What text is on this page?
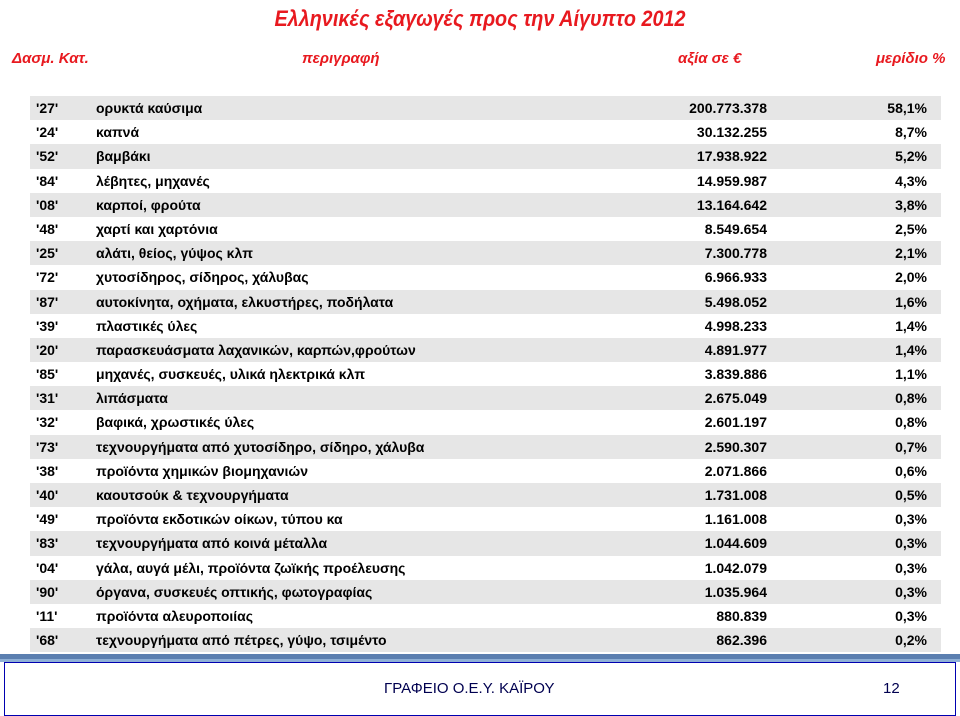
Ελληνικές εξαγωγές προς την Αίγυπτο 2012
Δασμ. Κατ.	περιγραφή	αξία σε €	μερίδιο %
'27'	ορυκτά καύσιμα	200.773.378	58,1%
'24'	καπνά	30.132.255	8,7%
'52'	βαμβάκι	17.938.922	5,2%
'84'	λέβητες, μηχανές	14.959.987	4,3%
'08'	καρποί, φρούτα	13.164.642	3,8%
'48'	χαρτί και χαρτόνια	8.549.654	2,5%
'25'	αλάτι, θείος, γύψος κλπ	7.300.778	2,1%
'72'	χυτοσίδηρος, σίδηρος, χάλυβας	6.966.933	2,0%
'87'	αυτοκίνητα, οχήματα, ελκυστήρες, ποδήλατα	5.498.052	1,6%
'39'	πλαστικές ύλες	4.998.233	1,4%
'20'	παρασκευάσματα λαχανικών, καρπών,φρούτων	4.891.977	1,4%
'85'	μηχανές, συσκευές, υλικά ηλεκτρικά κλπ	3.839.886	1,1%
'31'	λιπάσματα	2.675.049	0,8%
'32'	βαφικά, χρωστικές ύλες	2.601.197	0,8%
'73'	τεχνουργήματα από χυτοσίδηρο, σίδηρο, χάλυβα	2.590.307	0,7%
'38'	προϊόντα χημικών βιομηχανιών	2.071.866	0,6%
'40'	καουτσούκ & τεχνουργήματα	1.731.008	0,5%
'49'	προϊόντα εκδοτικών οίκων, τύπου κα	1.161.008	0,3%
'83'	τεχνουργήματα από κοινά μέταλλα	1.044.609	0,3%
'04'	γάλα, αυγά μέλι, προϊόντα ζωϊκής προέλευσης	1.042.079	0,3%
'90'	όργανα, συσκευές οπτικής, φωτογραφίας	1.035.964	0,3%
'11'	προϊόντα αλευροποιίας	880.839	0,3%
'68'	τεχνουργήματα από πέτρες, γύψο, τσιμέντο	862.396	0,2%
ΓΡΑΦΕΙΟ Ο.Ε.Υ. ΚΑΪΡΟΥ	12
